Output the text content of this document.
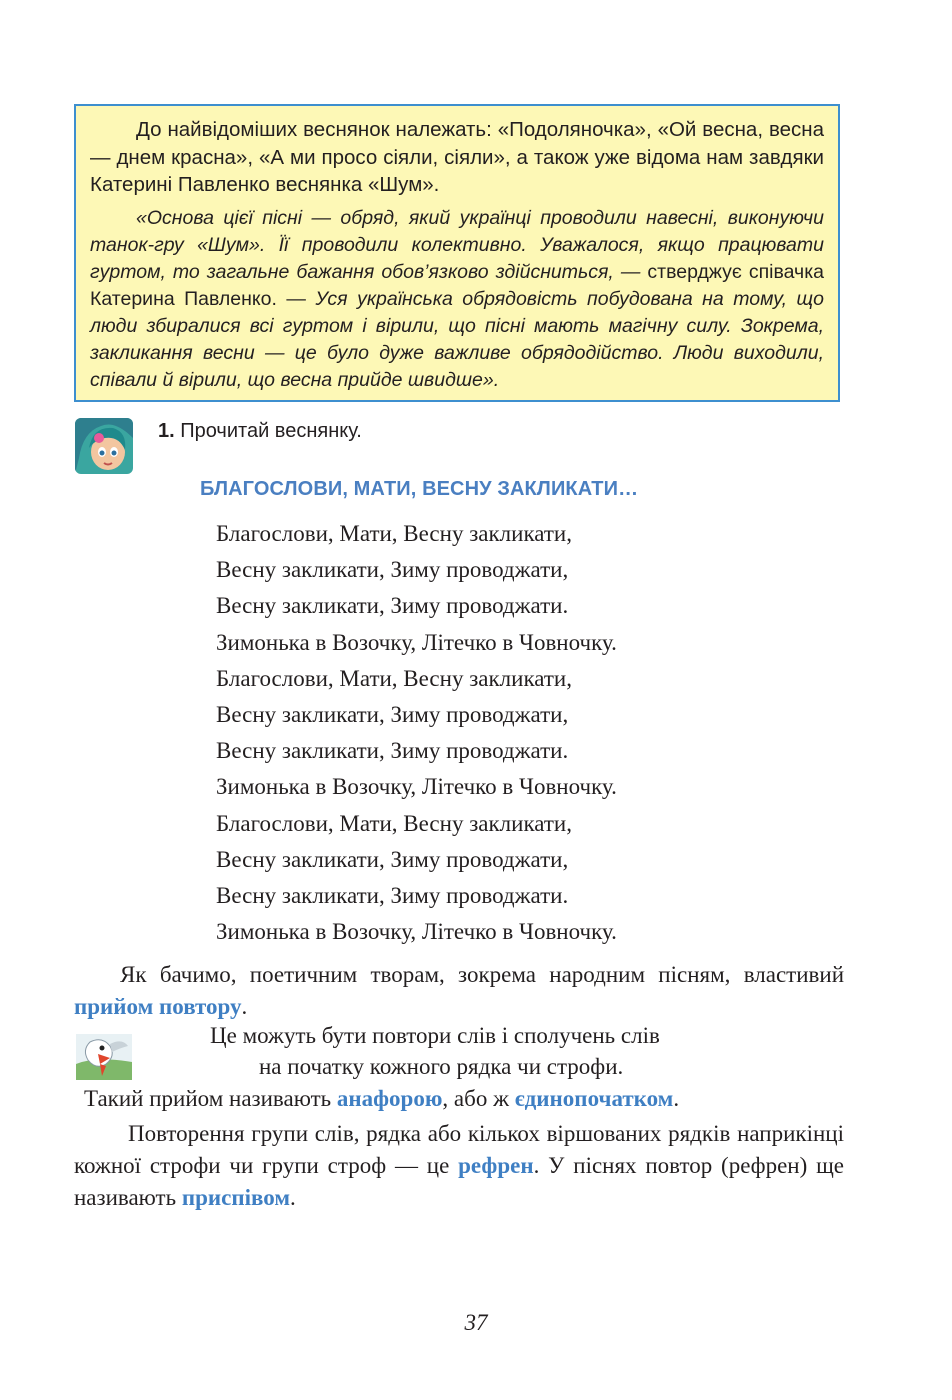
До найвідоміших веснянок належать: «Подоляночка», «Ой весна, весна — днем красна», «А ми просо сіяли, сіяли», а також уже відома нам завдяки Катерині Павленко веснянка «Шум».

«Основа цієї пісні — обряд, який українці проводили навесні, виконуючи танок-гру «Шум». Її проводили колективно. Уважалося, якщо працювати гуртом, то загальне бажання обов’язково здійсниться, — стверджує співачка Катерина Павленко. — Уся українська обрядовість побудована на тому, що люди збиралися всі гуртом і вірили, що пісні мають магічну силу. Зокрема, закликання весни — це було дуже важливе обрядодійство. Люди виходили, співали й вірили, що весна прийде швидше».

1. Прочитай веснянку.
БЛАГОСЛОВИ, МАТИ, ВЕСНУ ЗАКЛИКАТИ…
Благослови, Мати, Весну закликати,
Весну закликати, Зиму проводжати,
Весну закликати, Зиму проводжати.
Зимонька в Возочку, Літечко в Човночку.
Благослови, Мати, Весну закликати,
Весну закликати, Зиму проводжати,
Весну закликати, Зиму проводжати.
Зимонька в Возочку, Літечко в Човночку.
Благослови, Мати, Весну закликати,
Весну закликати, Зиму проводжати,
Весну закликати, Зиму проводжати.
Зимонька в Возочку, Літечко в Човночку.
Як бачимо, поетичним творам, зокрема народним пісням, властивий прийом повтору.
Це можуть бути повтори слів і сполучень слів
на початку кожного рядка чи строфи.
Такий прийом називають анафорою, або ж єдинопочатком.
Повторення групи слів, рядка або кількох віршованих рядків наприкінці кожної строфи чи групи строф — це рефрен. У піснях повтор (рефрен) ще називають приспівом.
37
